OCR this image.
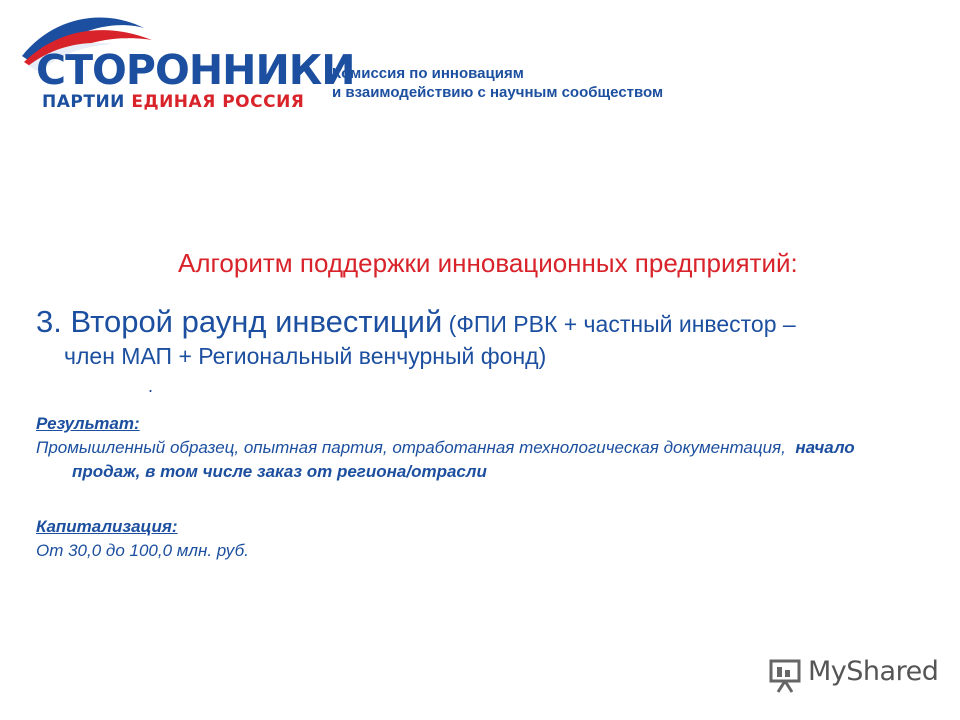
СТОРОННИКИ
ПАРТИИ ЕДИНАЯ РОССИЯ
Комиссия по инновациям
и взаимодействию с научным сообществом
Алгоритм поддержки инновационных предприятий:
3. Второй раунд инвестиций (ФПИ РВК + частный инвестор –
член МАП + Региональный венчурный фонд)
.
Результат:
Промышленный образец, опытная партия, отработанная технологическая документация, начало продаж, в том числе заказ от региона/отрасли
Капитализация:
От 30,0 до 100,0 млн. руб.
MyShared
